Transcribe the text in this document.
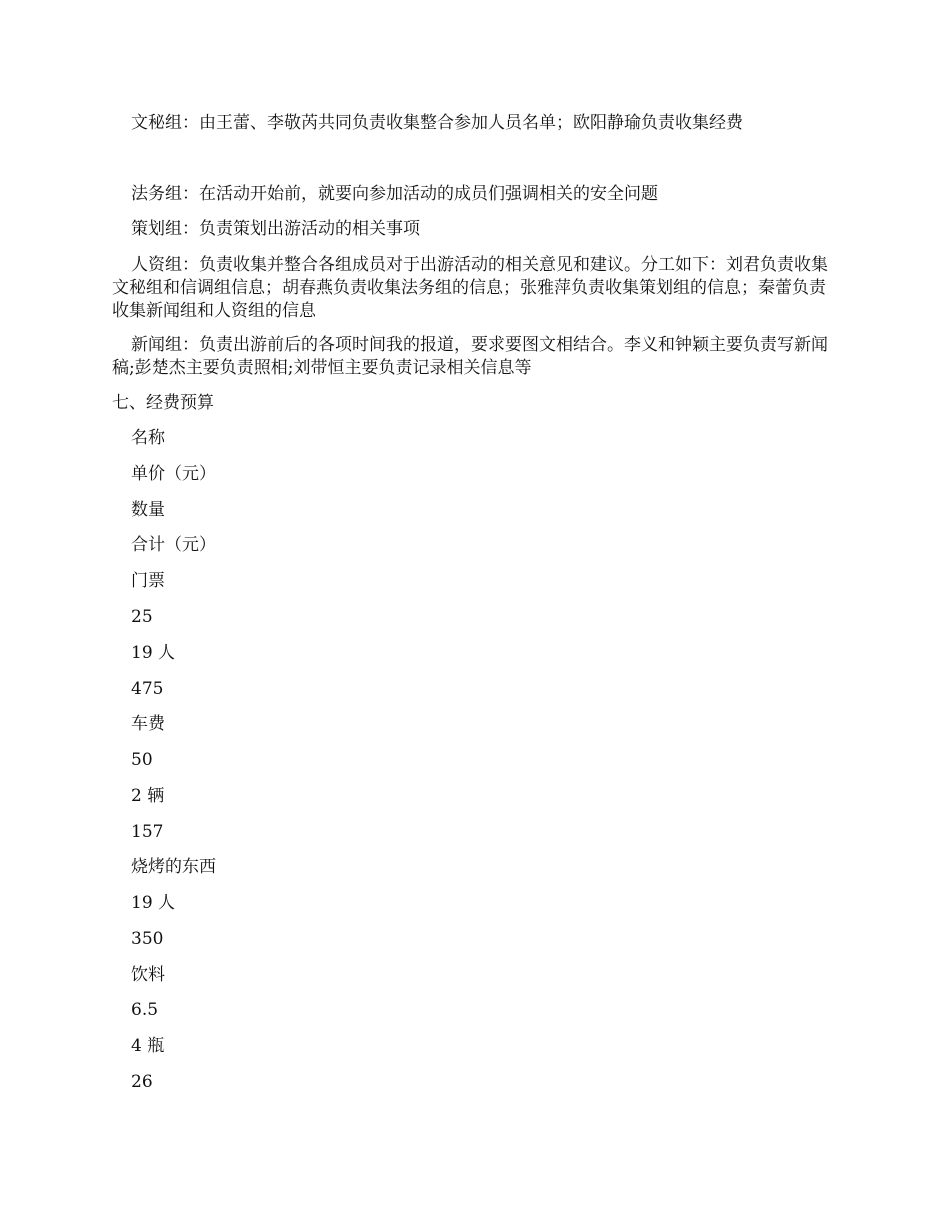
文秘组：由王蕾、李敬芮共同负责收集整合参加人员名单；欧阳静瑜负责收集经费

法务组：在活动开始前，就要向参加活动的成员们强调相关的安全问题

策划组：负责策划出游活动的相关事项

人资组：负责收集并整合各组成员对于出游活动的相关意见和建议。分工如下：刘君负责收集文秘组和信调组信息；胡春燕负责收集法务组的信息；张雅萍负责收集策划组的信息；秦蕾负责收集新闻组和人资组的信息

新闻组：负责出游前后的各项时间我的报道，要求要图文相结合。李义和钟颖主要负责写新闻稿;彭楚杰主要负责照相;刘带恒主要负责记录相关信息等

七、经费预算

名称
单价（元）
数量
合计（元）
门票
25
19 人
475
车费
50
2 辆
157
烧烤的东西
19 人
350
饮料
6.5
4 瓶
26
